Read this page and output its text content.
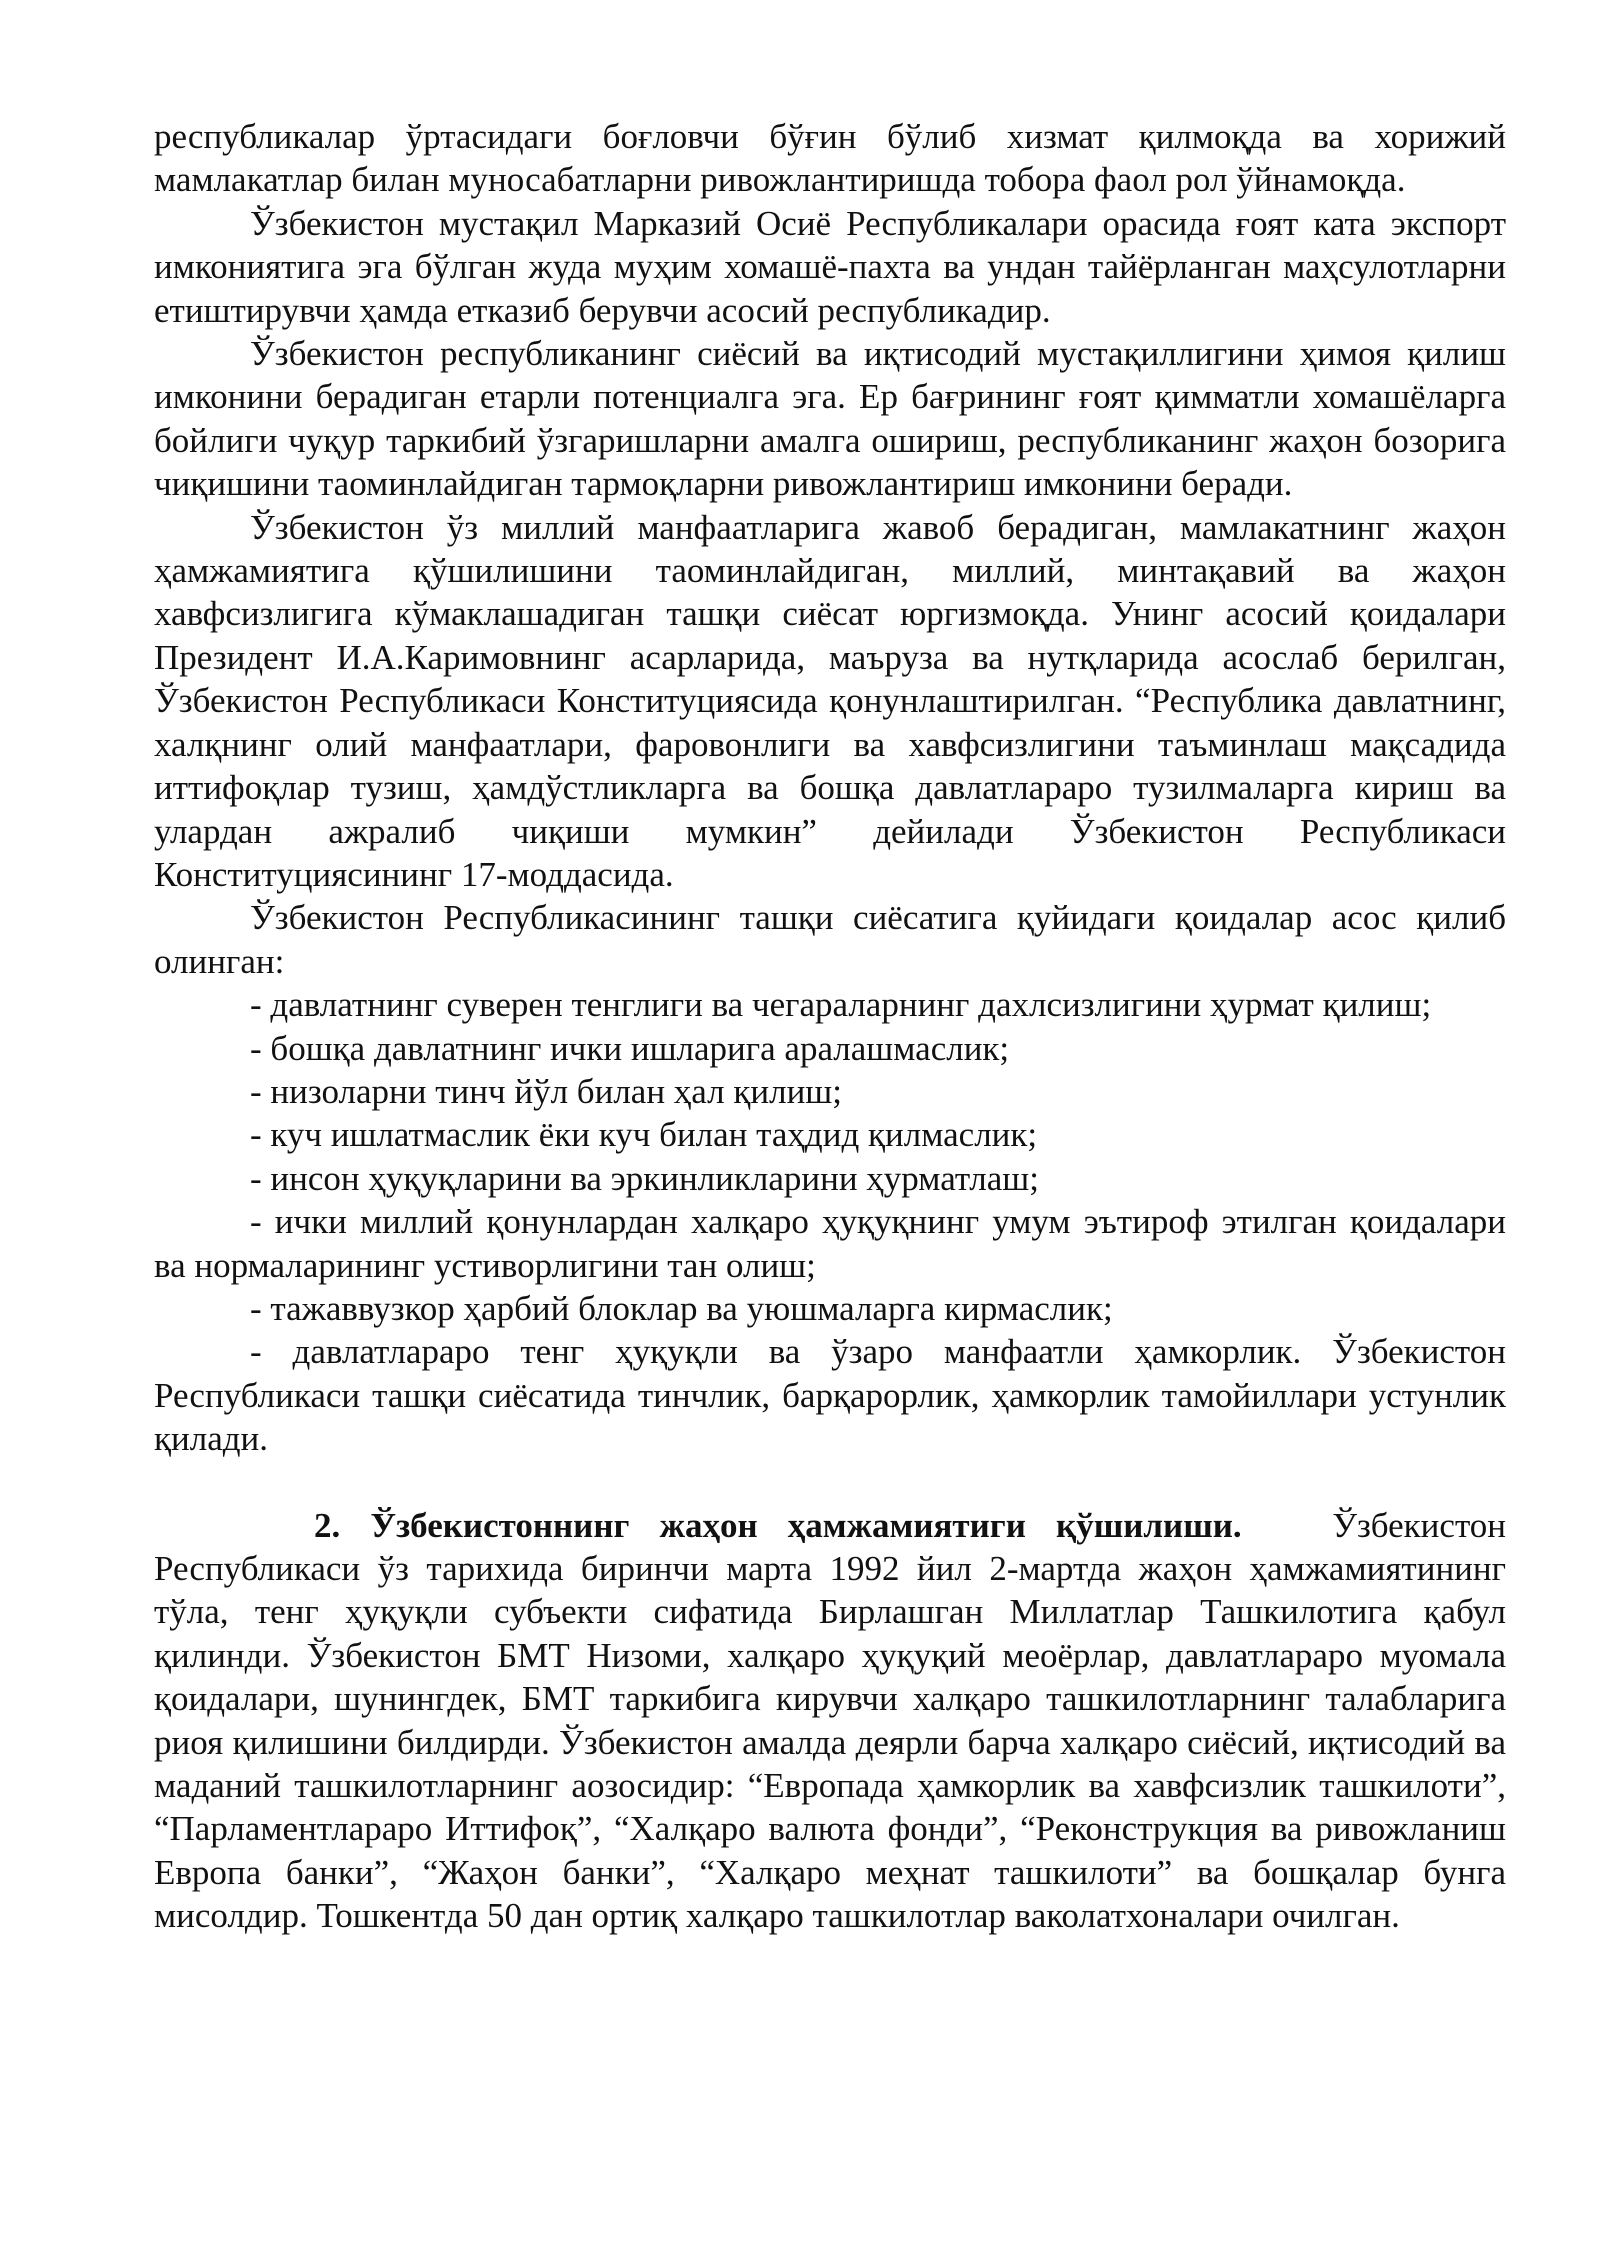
республикалар ўртасидаги боғловчи бўғин бўлиб хизмат қилмоқда ва хорижий мамлакатлар билан муносабатларни ривожлантиришда тобора фаол рол ўйнамоқда.

Ўзбекистон мустақил Марказий Осиё Республикалари орасида ғоят ката экспорт имкониятига эга бўлган жуда муҳим хомашё-пахта ва ундан тайёрланган маҳсулотларни етиштирувчи ҳамда етказиб берувчи асосий республикадир.

Ўзбекистон республиканинг сиёсий ва иқтисодий мустақиллигини ҳимоя қилиш имконини берадиган етарли потенциалга эга. Ер бағрининг ғоят қимматли хомашёларга бойлиги чуқур таркибий ўзгаришларни амалга ошириш, республиканинг жаҳон бозорига чиқишини таоминлайдиган тармоқларни ривожлантириш имконини беради.

Ўзбекистон ўз миллий манфаатларига жавоб берадиган, мамлакатнинг жаҳон ҳамжамиятига қўшилишини таоминлайдиган, миллий, минтақавий ва жаҳон хавфсизлигига кўмаклашадиган ташқи сиёсат юргизмоқда. Унинг асосий қоидалари Президент И.А.Каримовнинг асарларида, маъруза ва нутқларида асослаб берилган, Ўзбекистон Республикаси Конституциясида қонунлаштирилган. “Республика давлатнинг, халқнинг олий манфаатлари, фаровонлиги ва хавфсизлигини таъминлаш мақсадида иттифоқлар тузиш, ҳамдўстликларга ва бошқа давлатлараро тузилмаларга кириш ва улардан ажралиб чиқиши мумкин” дейилади Ўзбекистон Республикаси Конституциясининг 17-моддасида.

Ўзбекистон Республикасининг ташқи сиёсатига қуйидаги қоидалар асос қилиб олинган:

- давлатнинг суверен тенглиги ва чегараларнинг дахлсизлигини ҳурмат қилиш;

- бошқа давлатнинг ички ишларига аралашмаслик;

- низоларни тинч йўл билан ҳал қилиш;

- куч ишлатмаслик ёки куч билан таҳдид қилмаслик;

- инсон ҳуқуқларини ва эркинликларини ҳурматлаш;

- ички миллий қонунлардан халқаро ҳуқуқнинг умум эътироф этилган қоидалари ва нормаларининг устиворлигини тан олиш;

- тажаввузкор ҳарбий блоклар ва уюшмаларга кирмаслик;

- давлатлараро тенг ҳуқуқли ва ўзаро манфаатли ҳамкорлик. Ўзбекистон Республикаси ташқи сиёсатида тинчлик, барқарорлик, ҳамкорлик тамойиллари устунлик қилади.

2. Ўзбекистоннинг жаҳон ҳамжамиятиги қўшилиши.	Ўзбекистон Республикаси ўз тарихида биринчи марта 1992 йил 2-мартда жаҳон ҳамжамиятининг тўла, тенг ҳуқуқли субъекти сифатида Бирлашган Миллатлар Ташкилотига қабул қилинди. Ўзбекистон БМТ Низоми, халқаро ҳуқуқий меоёрлар, давлатлараро муомала қоидалари, шунингдек, БМТ таркибига кирувчи халқаро ташкилотларнинг талабларига риоя қилишини билдирди. Ўзбекистон амалда деярли барча халқаро сиёсий, иқтисодий ва маданий ташкилотларнинг аозосидир: “Европада ҳамкорлик ва хавфсизлик ташкилоти”, “Парламентлараро Иттифоқ”, “Халқаро валюта фонди”, “Реконструкция ва ривожланиш Европа банки”, “Жаҳон банки”, “Халқаро меҳнат ташкилоти” ва бошқалар бунга мисолдир. Тошкентда 50 дан ортиқ халқаро ташкилотлар ваколатхоналари очилган.
